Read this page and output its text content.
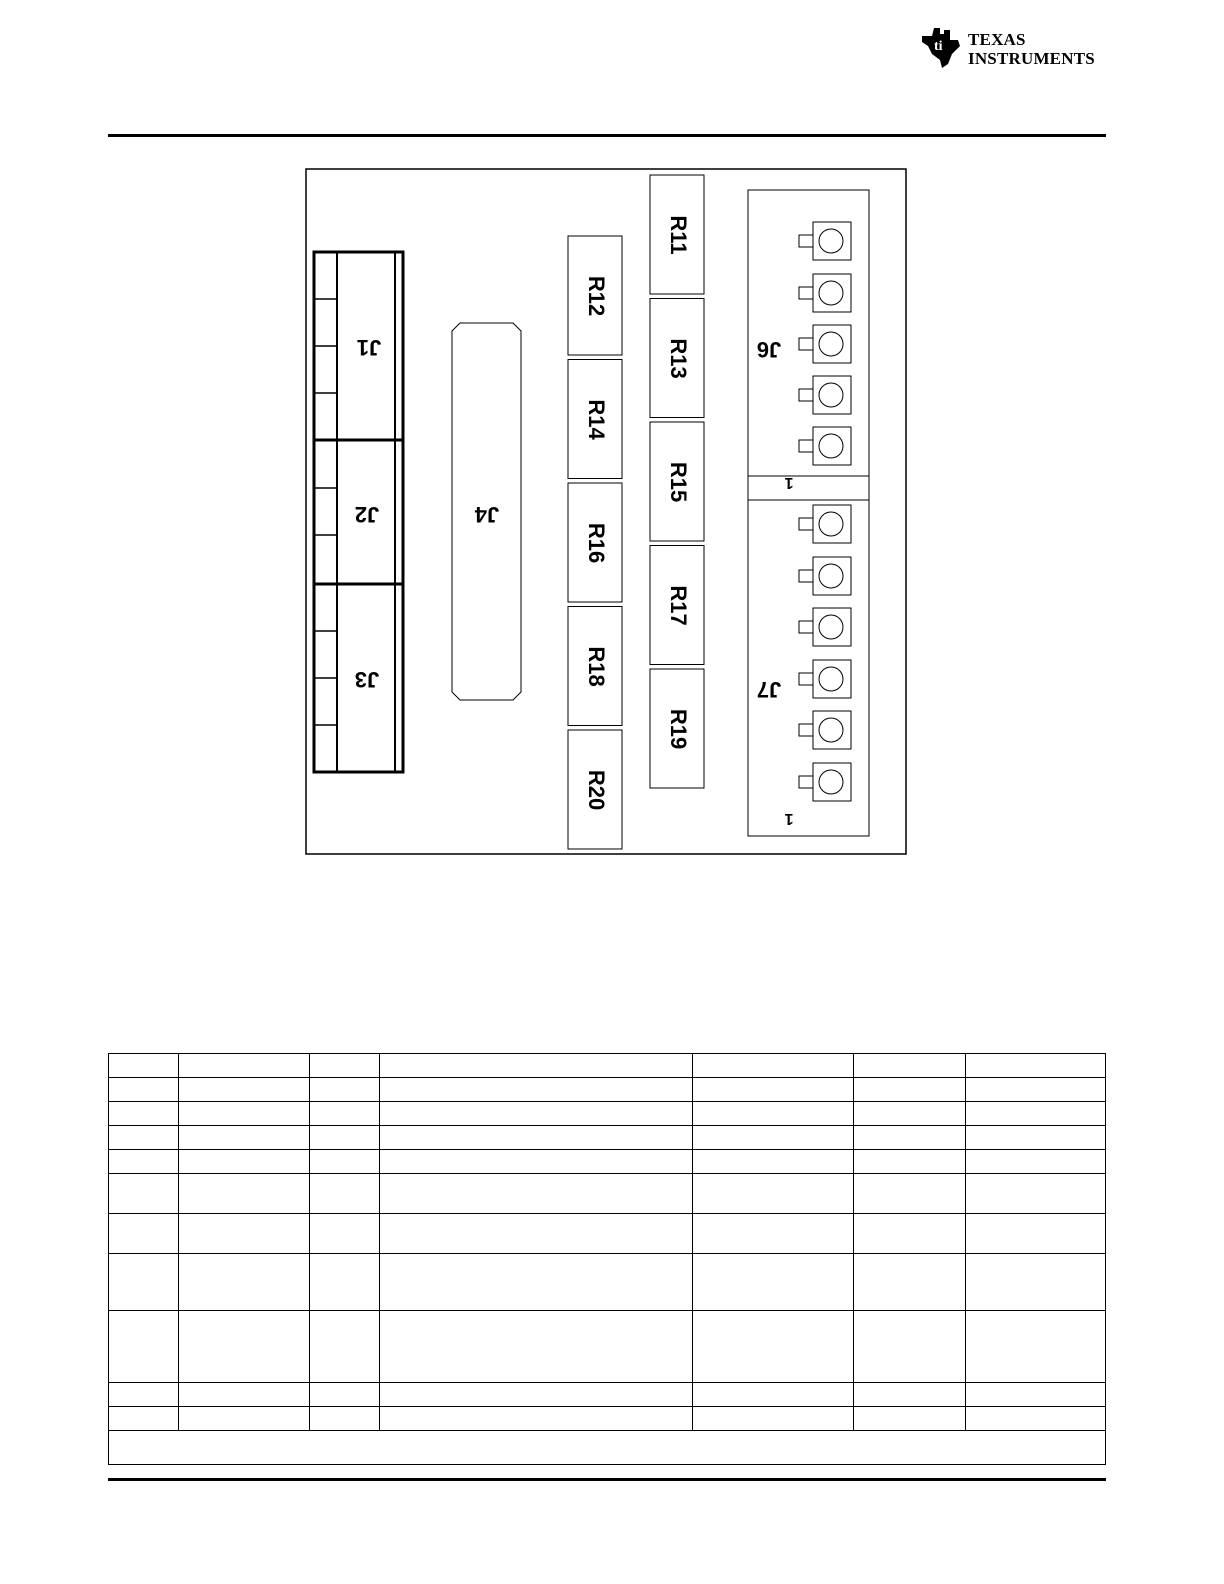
ti TEXAS
INSTRUMENTS
J1
J2
J3
J4
R12
R14
R16
R18
R20
R11
R13
R15
R17
R19
J6
J7
1
1
